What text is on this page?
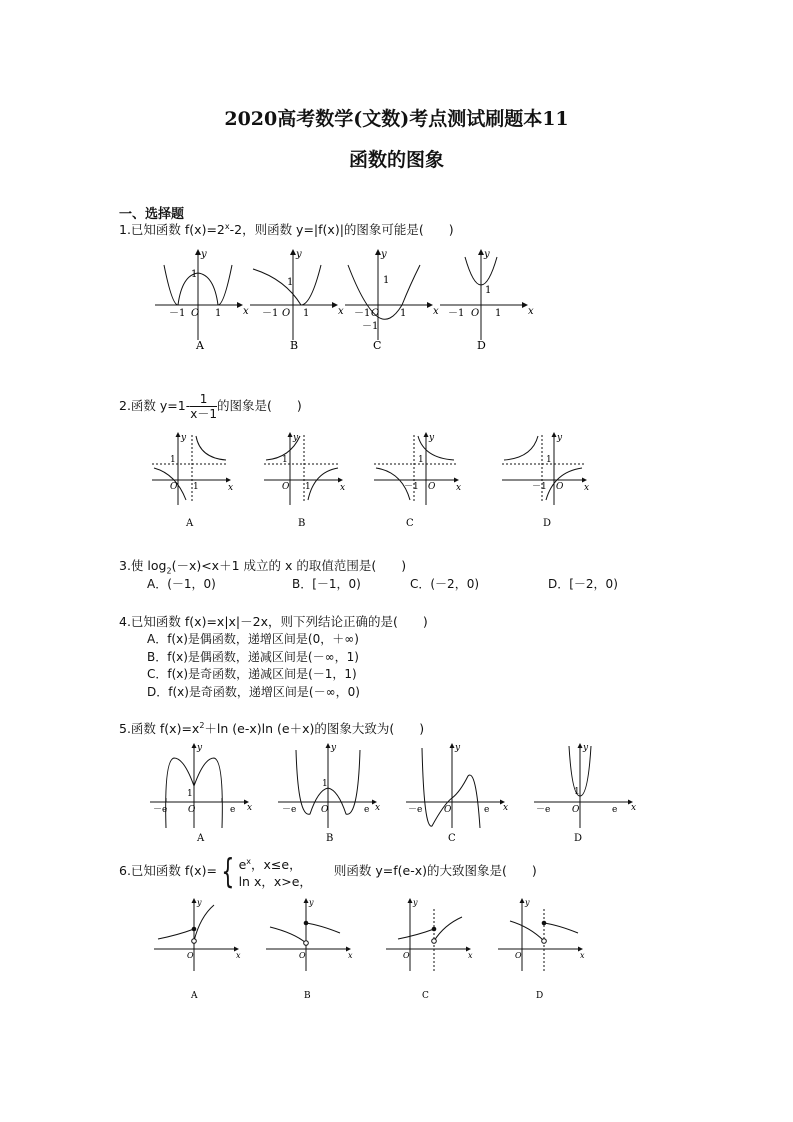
2020高考数学(文数)考点测试刷题本11
函数的图象
一、选择题
1.已知函数 $f(x)=2^x-2$，则函数 y=|f(x)|的图象可能是(　　)
y
x
1
－1 O 1
A
y
x
1
－1 O 1
B
y
x
1
－1 O 1
－1
C
y
x
1
－1 O 1
D
2.函数 $y=1- \frac{1}{x-1}$ 的图象是(　　)
y
x
1
O 1
A
y
x
1
O 1
B
y
x
1
O
－1
C
y
x
1
O
－1
D
3.使 $\log_2(-x)<x+1$ 成立的 x 的取值范围是(　　)
A．(－1，0)	B．[－1，0)	C．(－2，0)	D．[－2，0)
4.已知函数 f(x)=x|x|－2x，则下列结论正确的是(　　)
A．f(x)是偶函数，递增区间是(0，＋∞)
B．f(x)是偶函数，递减区间是(－∞，1)
C．f(x)是奇函数，递减区间是(－1，1)
D．f(x)是奇函数，递增区间是(－∞，0)
5.函数 $f(x)=x^2+\ln$ (e-x)ln (e＋x)的图象大致为(　　)
y
x
1
O
－e	e
A
y
x
1
O
－e	e
B
y
x
O
－e	e
C
y
x
1
O
－e	e
D
6.已知函数 f(x)= { $e^x$，x≤e，
ln x，x>e，
则函数 y=f(e-x)的大致图象是(　　)
y
x
O
A
y
x
O
B
y
x
O
C
y
x
O
D
